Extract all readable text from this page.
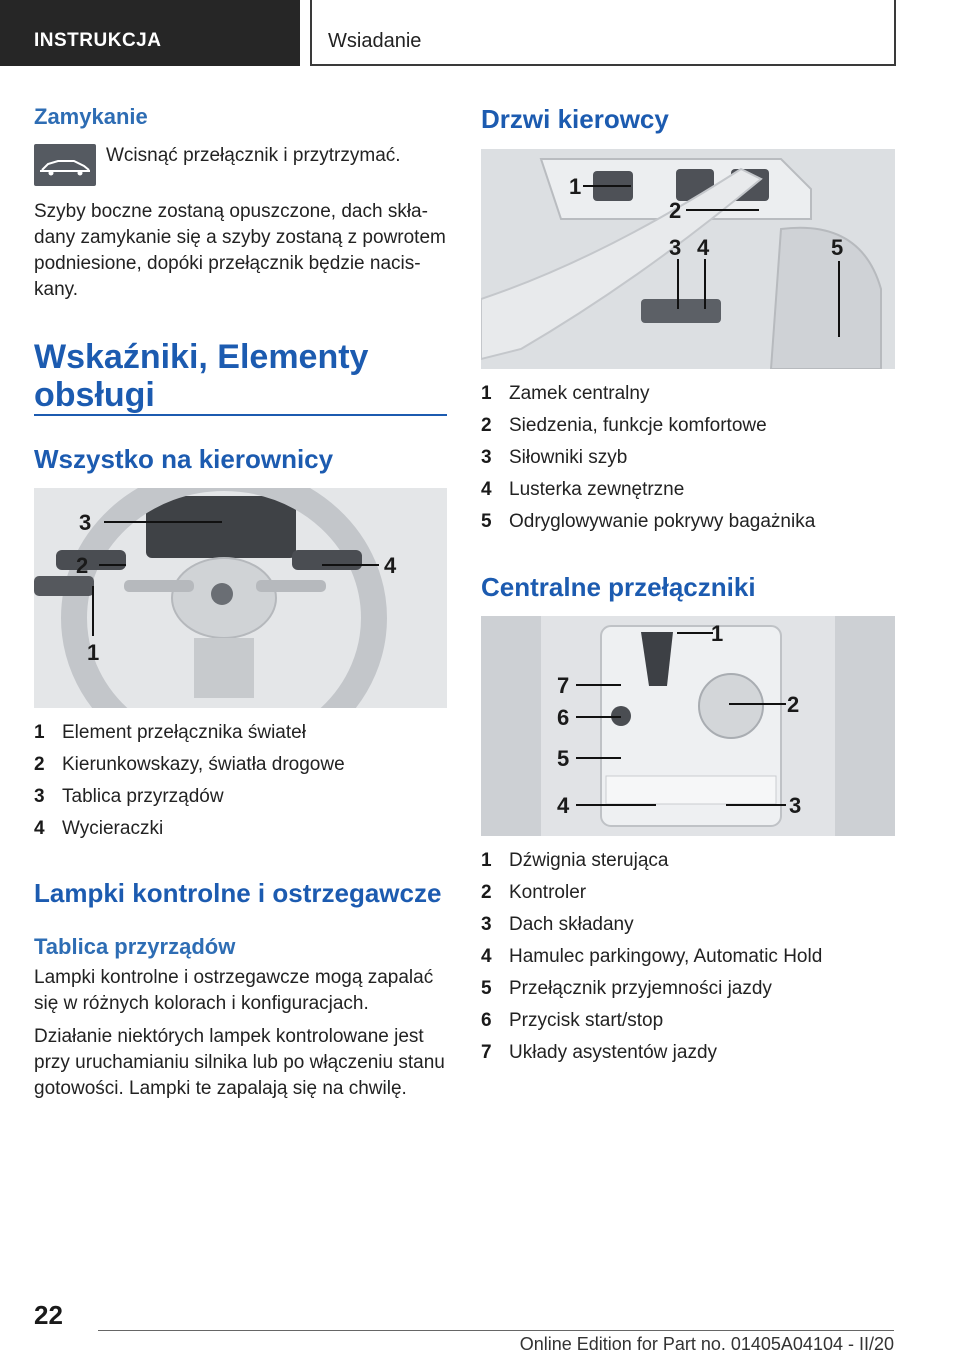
INSTRUKCJA	Wsiadanie
Zamykanie

Wcisnąć przełącznik i przytrzymać.

Szyby boczne zostaną opuszczone, dach skła-dany zamykanie się a szyby zostaną z powrotem podniesione, dopóki przełącznik będzie nacis-kany.

Wskaźniki, Elementy obsługi
Wszystko na kierownicy
3
2	4
1
1 Element przełącznika świateł
2 Kierunkowskazy, światła drogowe
3 Tablica przyrządów
4 Wycieraczki
Lampki kontrolne i ostrzegawcze
Tablica przyrządów

Lampki kontrolne i ostrzegawcze mogą zapalać się w różnych kolorach i konfiguracjach.

Działanie niektórych lampek kontrolowane jest przy uruchamianiu silnika lub po włączeniu stanu gotowości. Lampki te zapalają się na chwilę.

Drzwi kierowcy
1
2
3 4	5
1 Zamek centralny
2 Siedzenia, funkcje komfortowe
3 Siłowniki szyb
4 Lusterka zewnętrzne
5 Odryglowywanie pokrywy bagażnika
Centralne przełączniki
1
7
6
2
5
4	3
1 Dźwignia sterująca
2 Kontroler
3 Dach składany
4 Hamulec parkingowy, Automatic Hold
5 Przełącznik przyjemności jazdy
6 Przycisk start/stop
7 Układy asystentów jazdy
22
Online Edition for Part no. 01405A04104 - II/20
